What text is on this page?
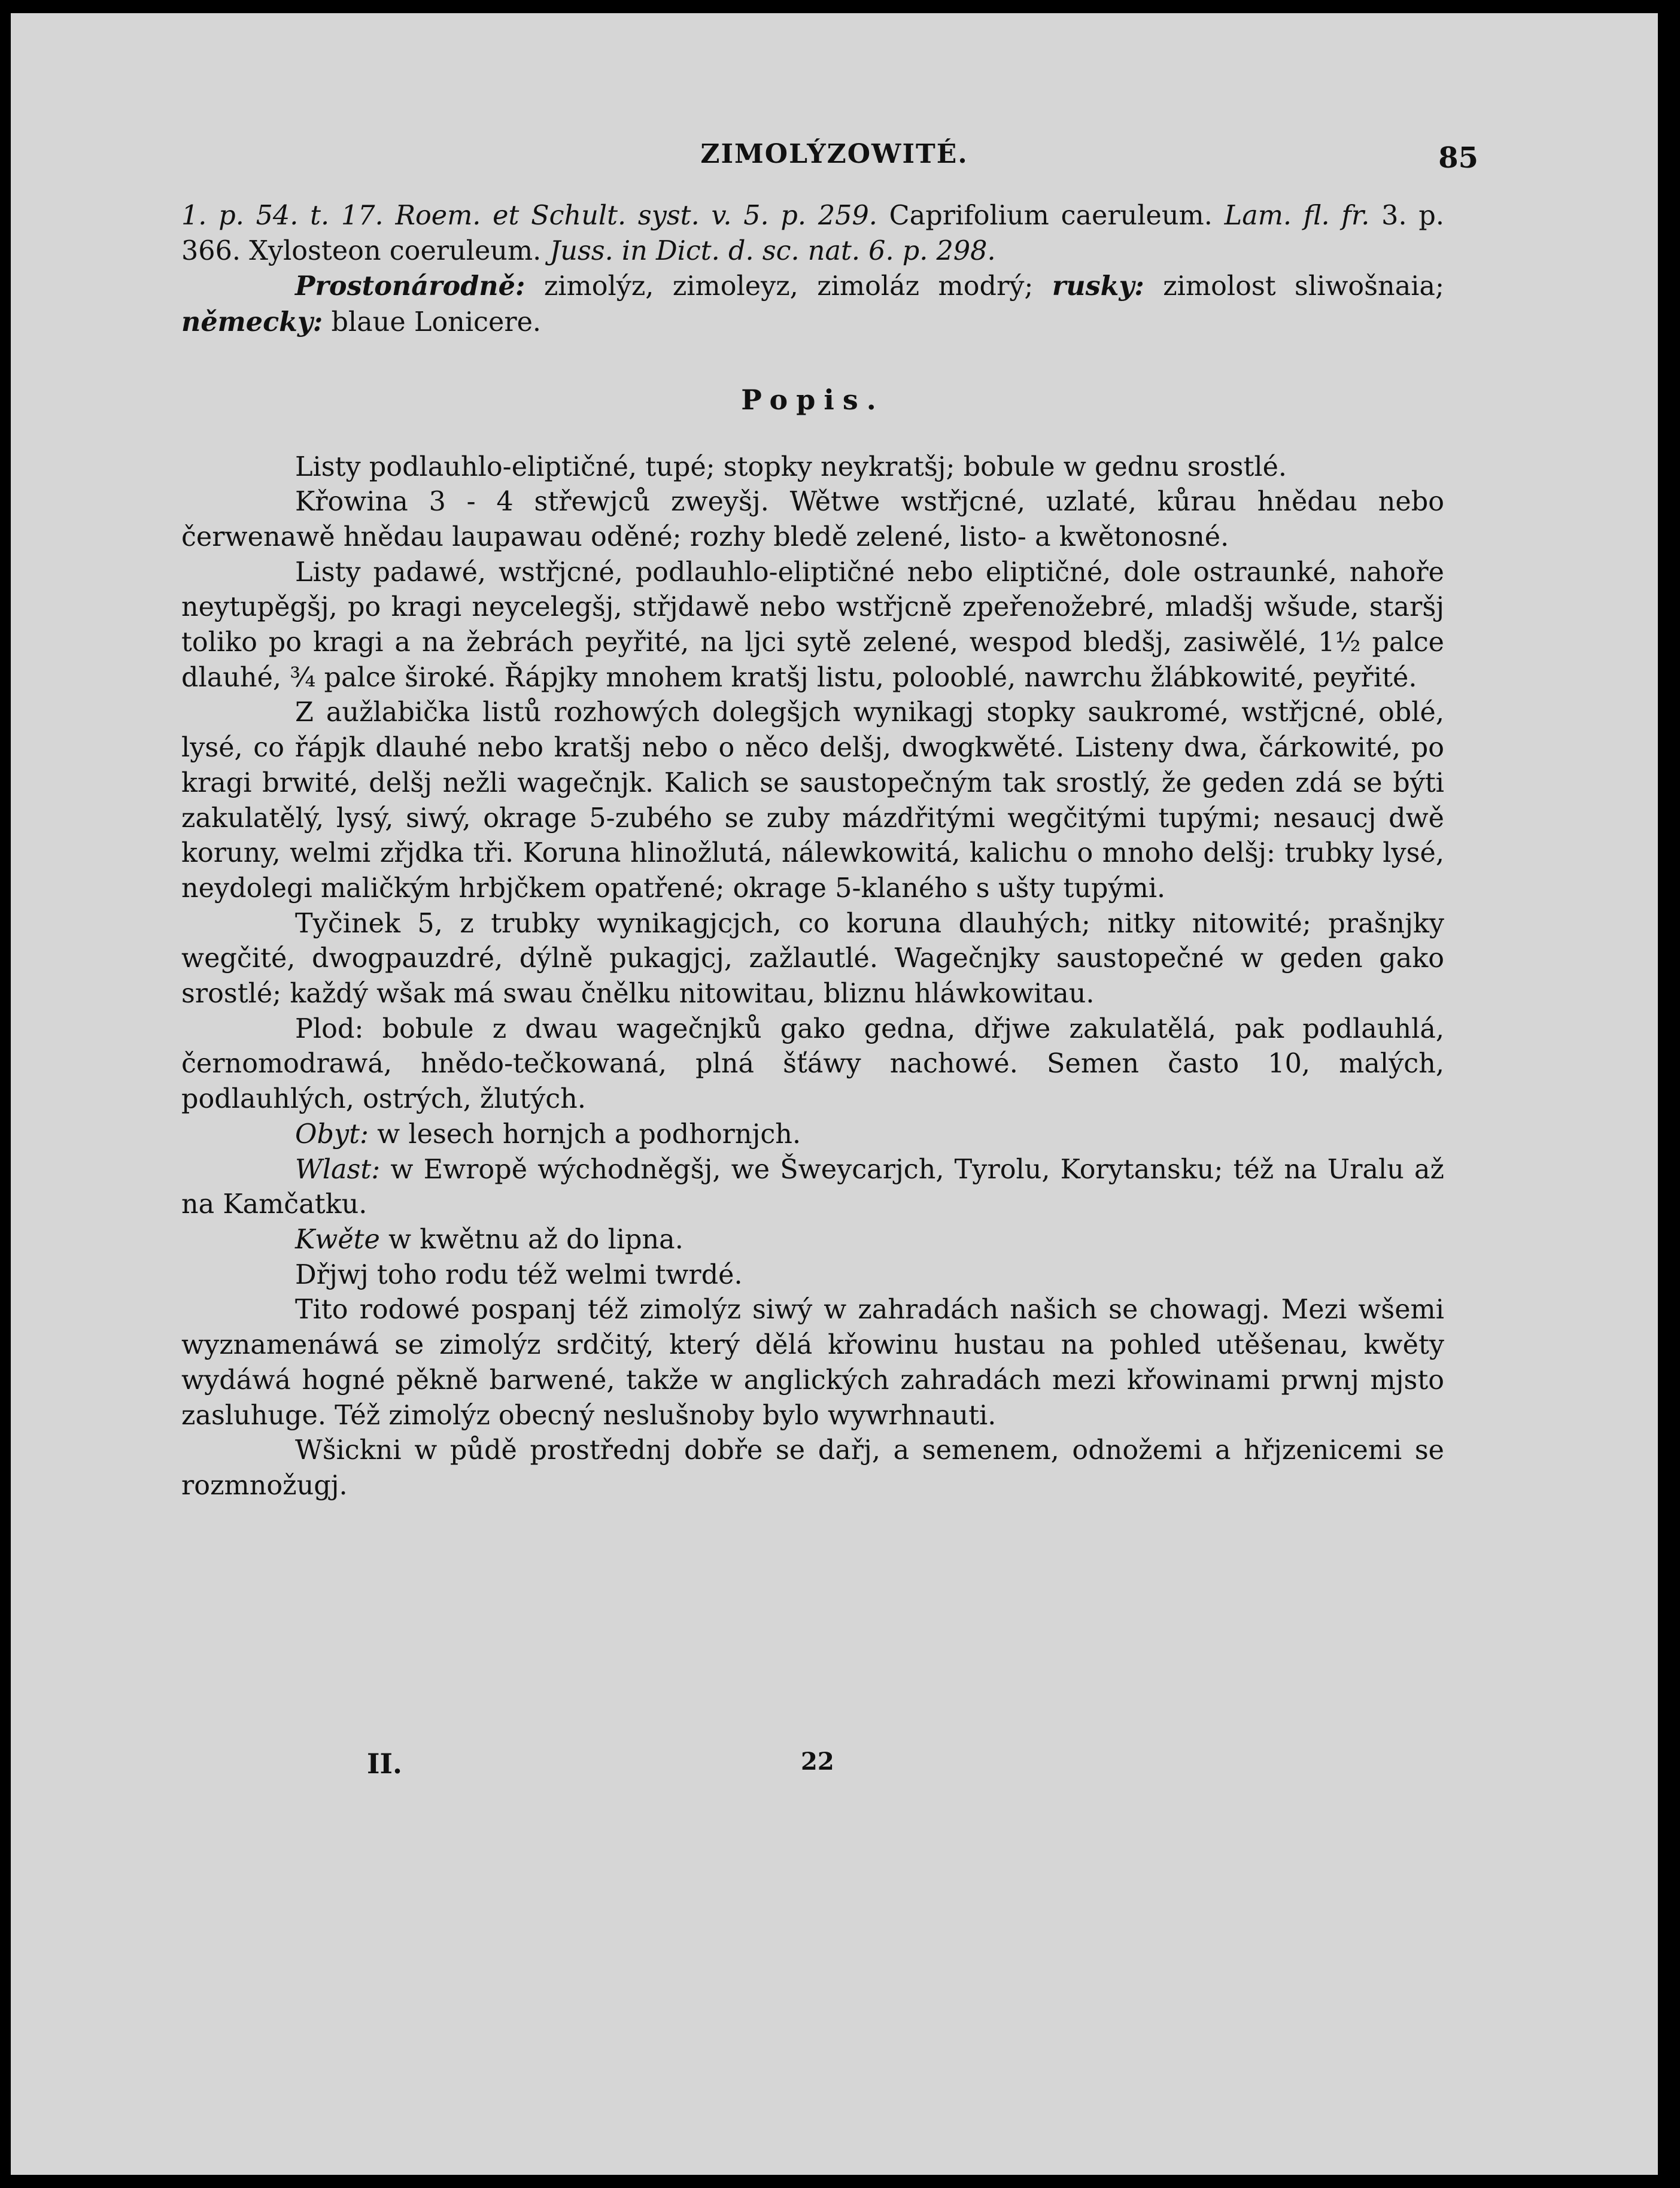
ZIMOLÝZOWITÉ.	85

1. p. 54. t. 17. Roem. et Schult. syst. v. 5. p. 259. Caprifolium caeruleum. Lam. fl. fr. 3. p. 366. Xylosteon coeruleum. Juss. in Dict. d. sc. nat. 6. p. 298.

Prostonárodně: zimolýz, zimoleyz, zimoláz modrý; rusky: zimolost sliwošnaia; německy: blaue Lonicere.

Popis.

Listy podlauhlo-eliptičné, tupé; stopky neykratšj; bobule w gednu srostlé.

Křowina 3 - 4 střewjců zweyšj. Wětwe wstřjcné, uzlaté, kůrau hnědau nebo čerwenawě hnědau laupawau oděné; rozhy bledě zelené, listo- a kwětonosné.

Listy padawé, wstřjcné, podlauhlo-eliptičné nebo eliptičné, dole ostraunké, nahoře neytupěgšj, po kragi neycelegšj, střjdawě nebo wstřjcně zpeřenožebré, mladšj wšude, staršj toliko po kragi a na žebrách peyřité, na ljci sytě zelené, wespod bledšj, zasiwělé, 1½ palce dlauhé, ¾ palce široké. Řápjky mnohem kratšj listu, polooblé, nawrchu žlábkowité, peyřité.

Z aužlabička listů rozhowých dolegšjch wynikagj stopky saukromé, wstřjcné, oblé, lysé, co řápjk dlauhé nebo kratšj nebo o něco delšj, dwogkwěté. Listeny dwa, čárkowité, po kragi brwité, delšj nežli wagečnjk. Kalich se saustopečným tak srostlý, že geden zdá se býti zakulatělý, lysý, siwý, okrage 5-zubého se zuby mázdřitými wegčitými tupými; nesaucj dwě koruny, welmi zřjdka tři. Koruna hlinožlutá, nálewkowitá, kalichu o mnoho delšj: trubky lysé, neydolegi maličkým hrbjčkem opatřené; okrage 5-klaného s ušty tupými.

Tyčinek 5, z trubky wynikagjcjch, co koruna dlauhých; nitky nitowité; prašnjky wegčité, dwogpauzdré, dýlně pukagjcj, zažlautlé. Wagečnjky saustopečné w geden gako srostlé; každý wšak má swau čnělku nitowitau, bliznu hláwkowitau.

Plod: bobule z dwau wagečnjků gako gedna, dřjwe zakulatělá, pak podlauhlá, černomodrawá, hnědo-tečkowaná, plná šťáwy nachowé. Semen často 10, malých, podlauhlých, ostrých, žlutých.

Obyt: w lesech hornjch a podhornjch.

Wlast: w Ewropě wýchodněgšj, we Šweycarjch, Tyrolu, Korytansku; též na Uralu až na Kamčatku.

Kwěte w kwětnu až do lipna.

Dřjwj toho rodu též welmi twrdé.

Tito rodowé pospanj též zimolýz siwý w zahradách našich se chowagj. Mezi wšemi wyznamenáwá se zimolýz srdčitý, který dělá křowinu hustau na pohled utěšenau, kwěty wydáwá hogné pěkně barwené, takže w anglických zahradách mezi křowinami prwnj mjsto zasluhuge. Též zimolýz obecný neslušnoby bylo wywrhnauti.

Wšickni w půdě prostřednj dobře se dařj, a semenem, odnožemi a hřjzenicemi se rozmnožugj.

II.	22
